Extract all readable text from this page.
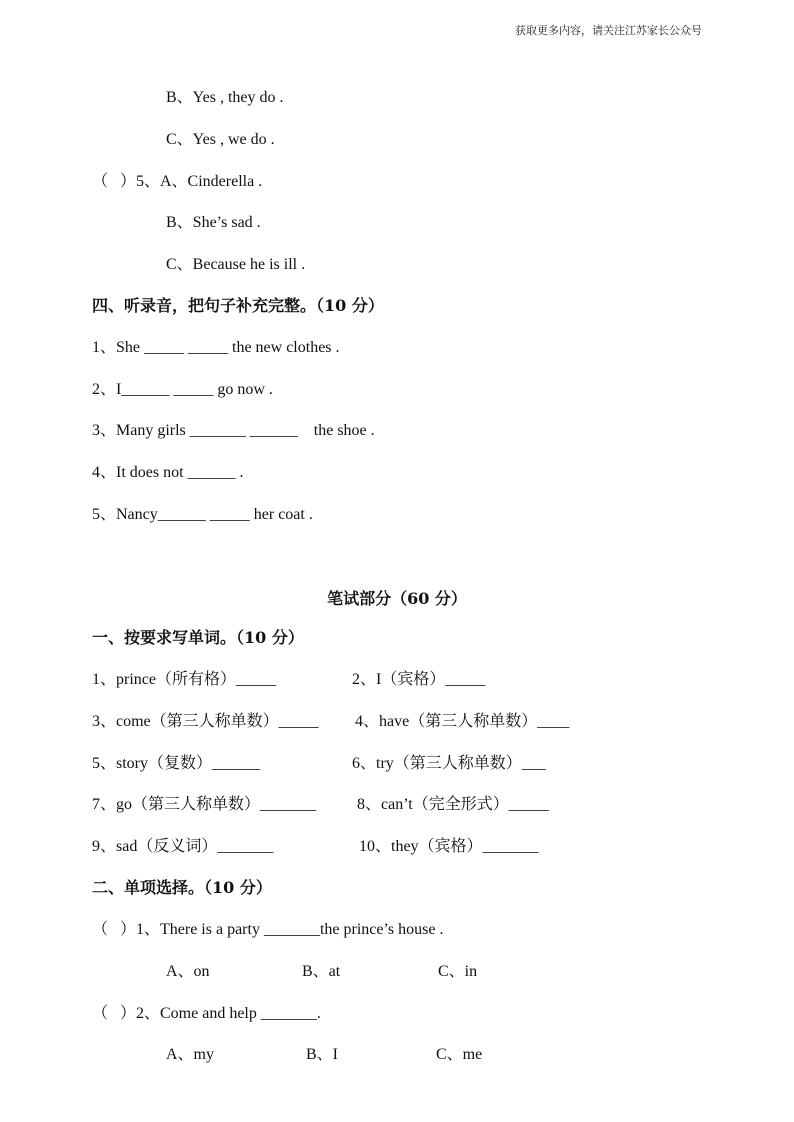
获取更多内容，请关注江苏家长公众号
B、Yes , they do .
C、Yes , we do .
（   ）5、A、Cinderella .
B、She’s sad .
C、Because he is ill .
四、听录音，把句子补充完整。（10 分）
1、She _____ _____ the new clothes .
2、I______ _____ go now .
3、Many girls _______ ______    the shoe .
4、It does not ______ .
5、Nancy______ _____ her coat .
笔试部分（60 分）
一、按要求写单词。（10 分）
1、prince（所有格）_____	2、I（宾格）_____
3、come（第三人称单数）_____ 4、have（第三人称单数）____
5、story（复数）______	6、try（第三人称单数）___
7、go（第三人称单数）_______	8、can’t（完全形式）_____
9、sad（反义词）_______	10、they（宾格）_______
二、单项选择。（10 分）
（   ）1、There is a party _______the prince’s house .
A、on	B、at	C、in
（   ）2、Come and help _______.
A、my	B、I	C、me
